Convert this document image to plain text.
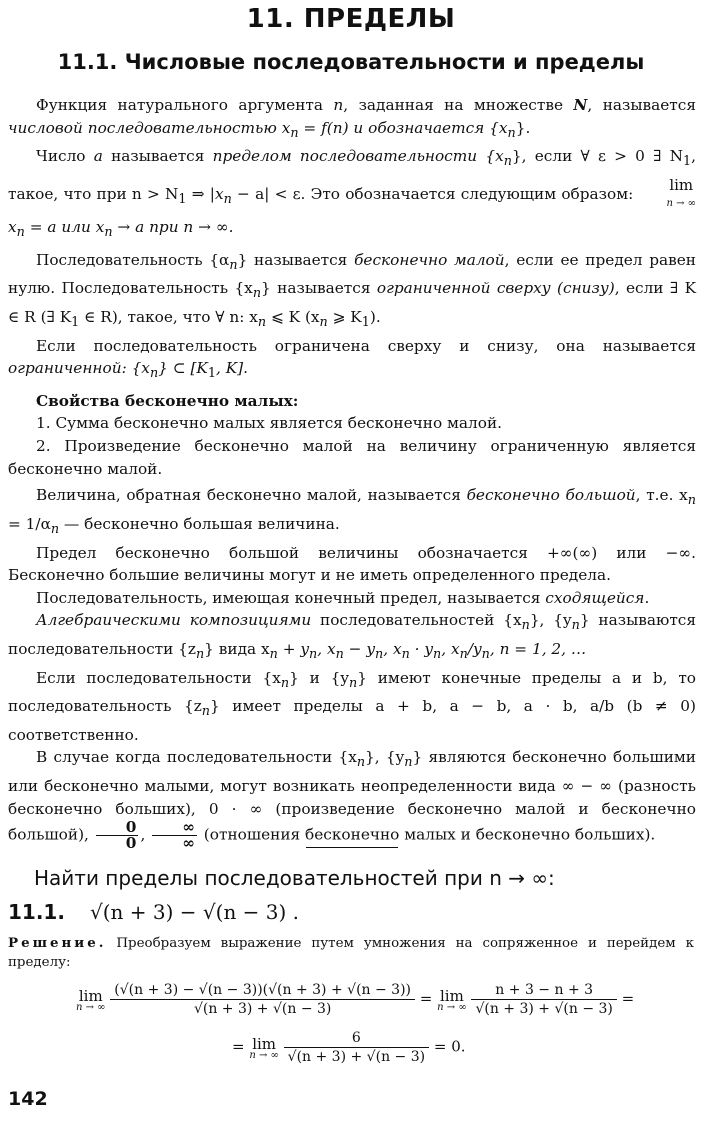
11. ПРЕДЕЛЫ
11.1. Числовые последовательности и пределы

Функция натурального аргумента n, заданная на множестве N, называется числовой последовательностью $x_n = f(n)$ и обозначается $\{x_n\}$.

Число a называется пределом последовательности $\{x_n\}$, если ∀ ε > 0 ∃ $N_1$, такое, что при $n > N_1$ ⇒ $|x_n - a| < \varepsilon$. Это обозначается следующим образом:
lim
n → ∞
$x_n = a$ или $x_n \to a$ при n → ∞.

Последовательность $\{\alpha_n\}$ называется бесконечно малой, если ее предел равен нулю. Последовательность $\{x_n\}$ называется ограниченной сверху (снизу), если ∃ K ∈ R (∃ $K_1$ ∈ R), такое, что ∀ n: $x_n$ ⩽ K ($x_n$ ⩾ $K_1$).

Если последовательность ограничена сверху и снизу, она называется ограниченной: $\{x_n\}$ ⊂ [$K_1$, K].

Свойства бесконечно малых:

1. Сумма бесконечно малых является бесконечно малой.

2. Произведение бесконечно малой на величину ограниченную является бесконечно малой.

Величина, обратная бесконечно малой, называется бесконечно большой, т.е. $x_n = 1/\alpha_n$ — бесконечно большая величина.

Предел бесконечно большой величины обозначается +∞(∞) или −∞. Бесконечно большие величины могут и не иметь определенного предела.

Последовательность, имеющая конечный предел, называется сходящейся.

Алгебраическими композициями последовательностей $\{x_n\}$, $\{y_n\}$ называются последовательности $\{z_n\}$ вида $x_n + y_n$, $x_n - y_n$, $x_n \cdot y_n$, $x_n/y_n$, n = 1, 2, …

Если последовательности $\{x_n\}$ и $\{y_n\}$ имеют конечные пределы a и b, то последовательность $\{z_n\}$ имеет пределы a + b, a − b, a · b, a/b (b ≠ 0) соответственно.

В случае когда последовательности $\{x_n\}$, $\{y_n\}$ являются бесконечно большими или бесконечно малыми, могут возникать неопределенности вида ∞ − ∞ (разность бесконечно больших), 0 · ∞ (произведение бесконечно малой и бесконечно большой), $\frac{0}{0}$ , $\frac{\infty}{\infty}$ (отношения бесконечно малых и бесконечно больших).

Найти пределы последовательностей при n → ∞:
11.1. √(n + 3) − √(n − 3) .
Решение. Преобразуем выражение путем умножения на сопряженное и перейдем к пределу:
lim
n → ∞
$\frac{(√(n + 3) - √(n - 3))(√(n + 3) + √(n - 3))}{√(n + 3) + √(n - 3)} = \lim$
n → ∞
$\frac{n + 3 - n + 3}{√(n + 3) + √(n - 3)}$ =
= lim
n → ∞
$\frac{6}{√(n + 3) + √(n - 3)} = 0$.
142
